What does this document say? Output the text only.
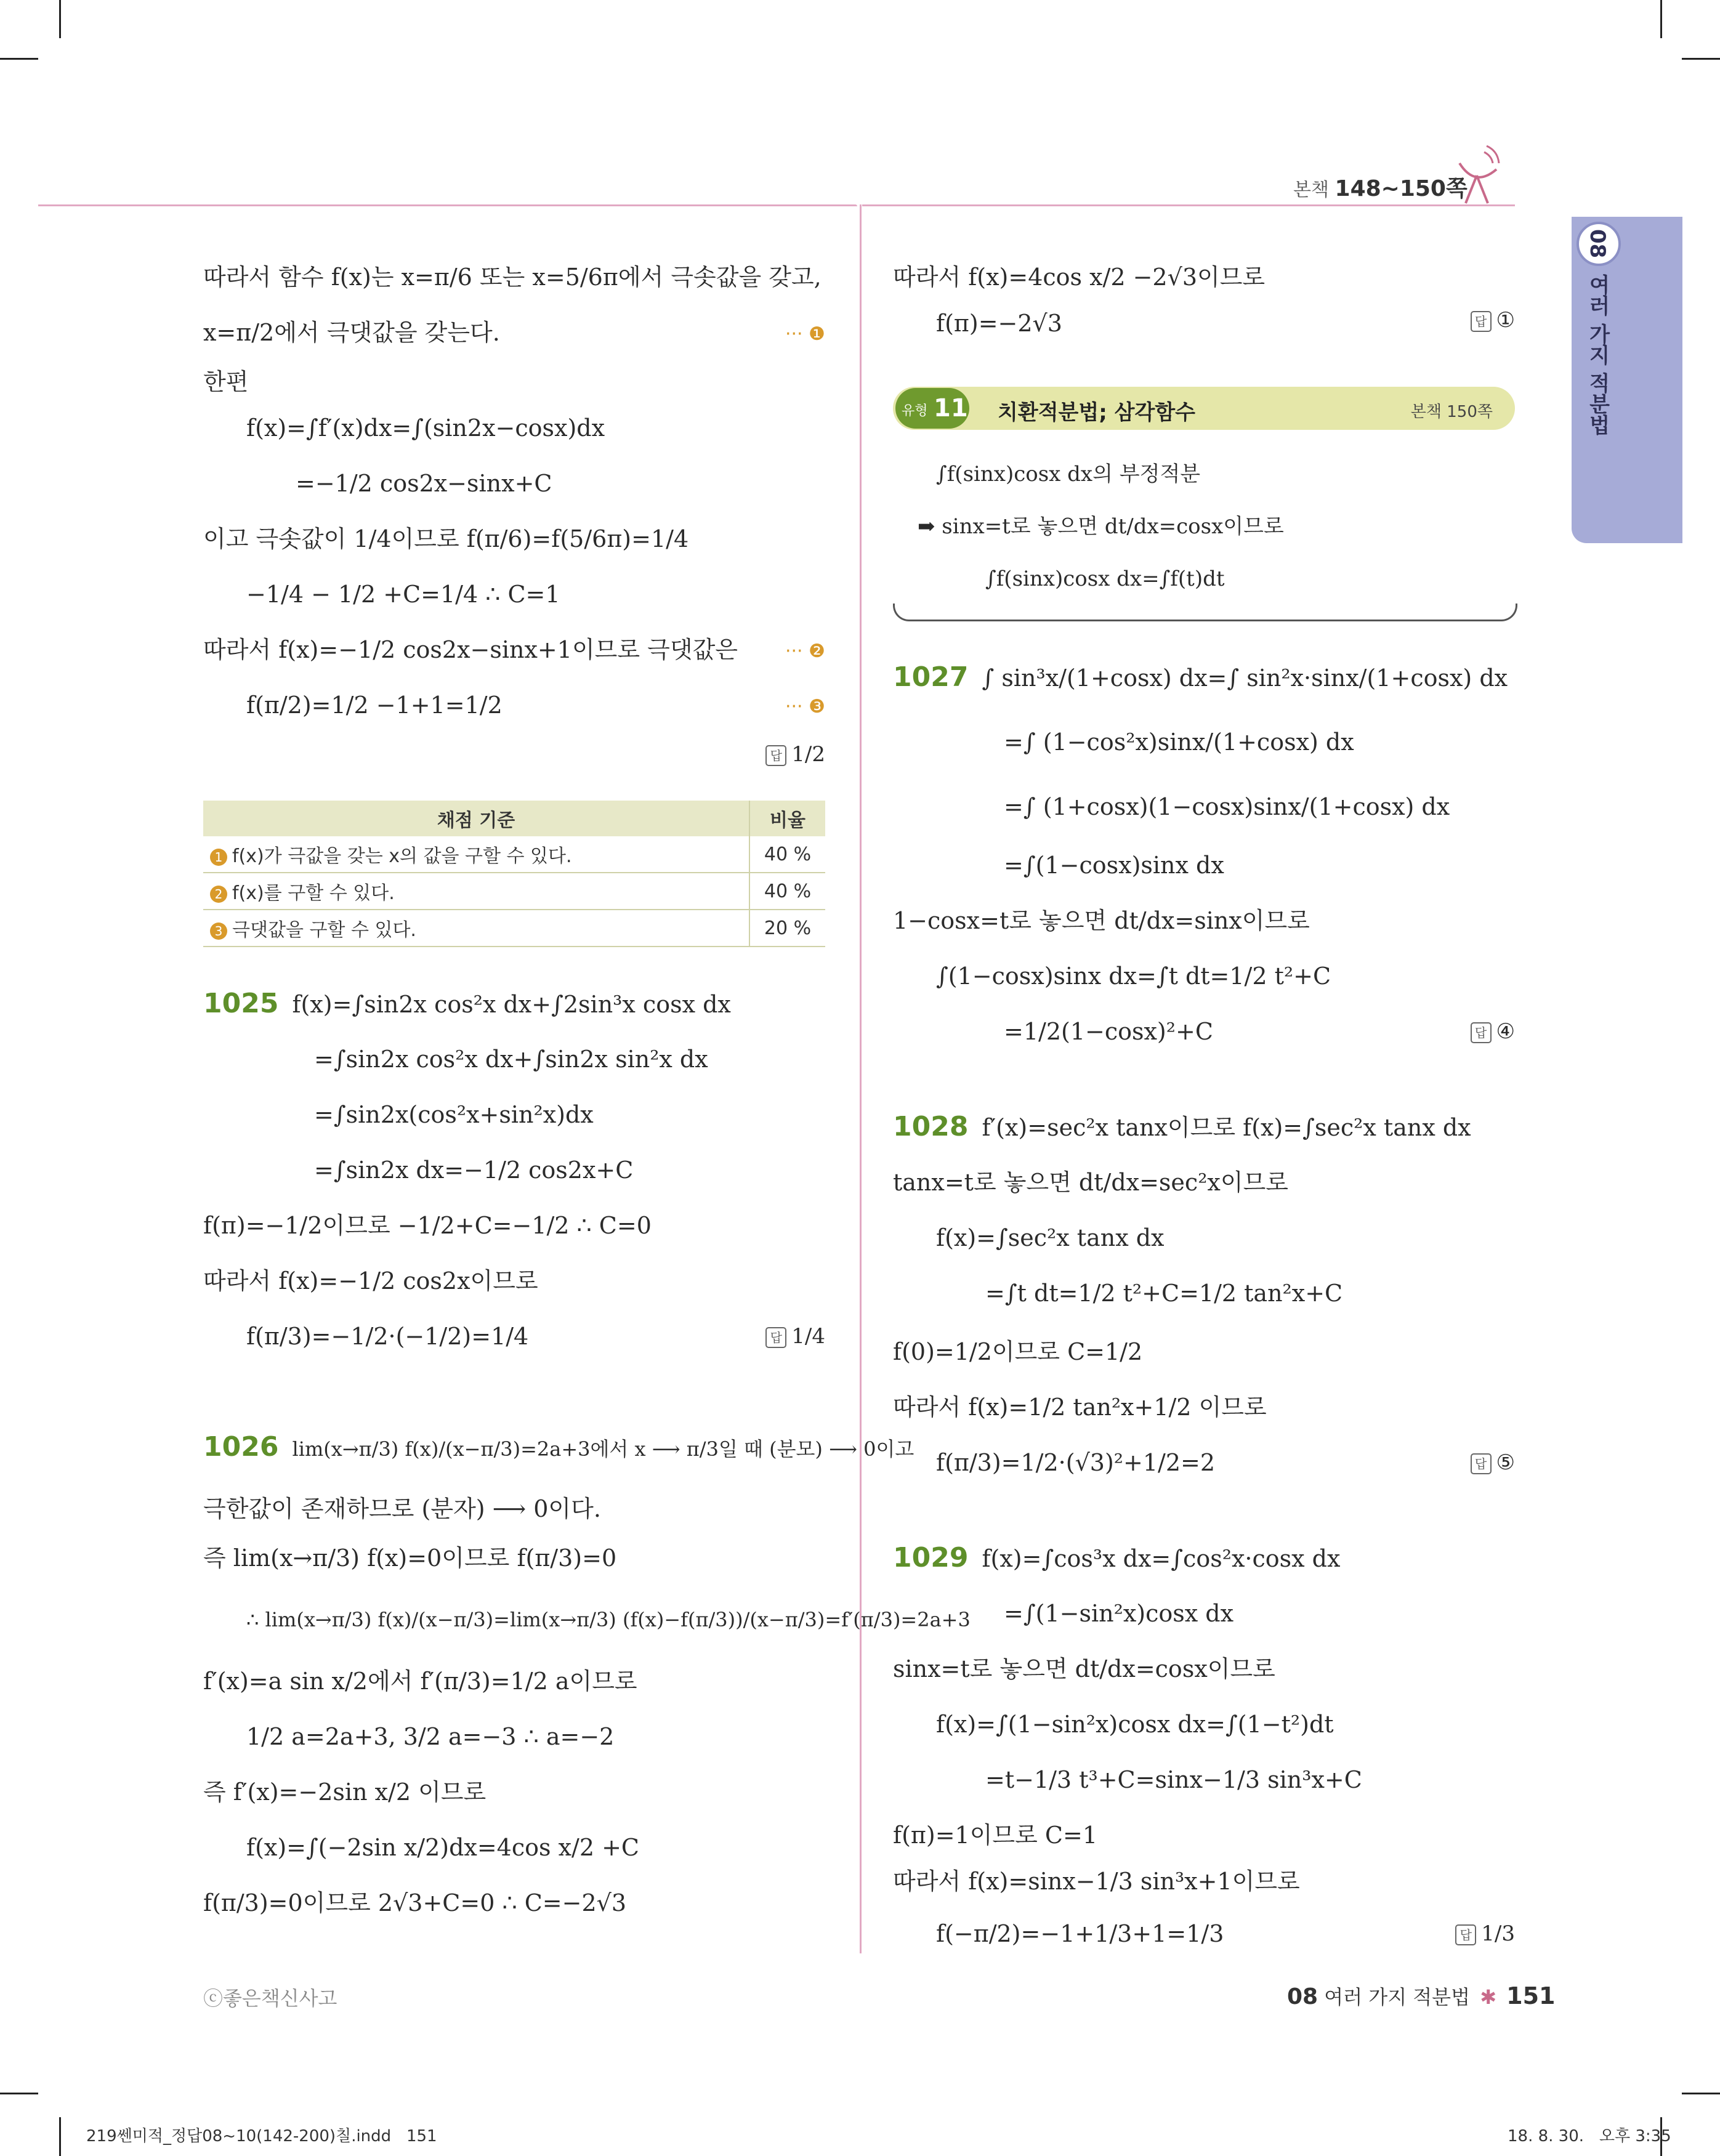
본책 148~150쪽
08 여러 가지 적분법
따라서 함수 f(x)는 x=π/6 또는 x=5/6π에서 극솟값을 갖고,
x=π/2에서 극댓값을 갖는다.	··· ❶
한편
f(x)=∫f′(x)dx=∫(sin2x−cosx)dx
=−1/2 cos2x−sinx+C
이고 극솟값이 1/4이므로 f(π/6)=f(5/6π)=1/4
−1/4 − 1/2 +C=1/4 ∴ C=1
따라서 f(x)=−1/2 cos2x−sinx+1이므로 극댓값은	··· ❷
f(π/2)=1/2 −1+1=1/2	··· ❸
답 1/2
채점 기준	비율
1 f(x)가 극값을 갖는 x의 값을 구할 수 있다.	40 %
2 f(x)를 구할 수 있다.	40 %
3 극댓값을 구할 수 있다.	20 %
1025 f(x)=∫sin2x cos²x dx+∫2sin³x cosx dx
=∫sin2x cos²x dx+∫sin2x sin²x dx
=∫sin2x(cos²x+sin²x)dx
=∫sin2x dx=−1/2 cos2x+C
f(π)=−1/2이므로 −1/2+C=−1/2 ∴ C=0
따라서 f(x)=−1/2 cos2x이므로
f(π/3)=−1/2·(−1/2)=1/4	답 1/4
1026 lim(x→π/3) f(x)/(x−π/3)=2a+3에서 x ⟶ π/3일 때 (분모) ⟶ 0이고
극한값이 존재하므로 (분자) ⟶ 0이다.
즉 lim(x→π/3) f(x)=0이므로 f(π/3)=0
∴ lim(x→π/3) f(x)/(x−π/3)=lim(x→π/3) (f(x)−f(π/3))/(x−π/3)=f′(π/3)=2a+3
f′(x)=a sin x/2에서 f′(π/3)=1/2 a이므로
1/2 a=2a+3, 3/2 a=−3 ∴ a=−2
즉 f′(x)=−2sin x/2 이므로
f(x)=∫(−2sin x/2)dx=4cos x/2 +C
f(π/3)=0이므로 2√3+C=0 ∴ C=−2√3
따라서 f(x)=4cos x/2 −2√3이므로
f(π)=−2√3	답 ①
유형 11 치환적분법; 삼각함수	본책 150쪽
∫f(sinx)cosx dx의 부정적분
➡ sinx=t로 놓으면 dt/dx=cosx이므로
∫f(sinx)cosx dx=∫f(t)dt
1027 ∫ sin³x/(1+cosx) dx=∫ sin²x·sinx/(1+cosx) dx
=∫ (1−cos²x)sinx/(1+cosx) dx
=∫ (1+cosx)(1−cosx)sinx/(1+cosx) dx
=∫(1−cosx)sinx dx
1−cosx=t로 놓으면 dt/dx=sinx이므로
∫(1−cosx)sinx dx=∫t dt=1/2 t²+C
=1/2(1−cosx)²+C	답 ④
1028 f′(x)=sec²x tanx이므로 f(x)=∫sec²x tanx dx
tanx=t로 놓으면 dt/dx=sec²x이므로
f(x)=∫sec²x tanx dx
=∫t dt=1/2 t²+C=1/2 tan²x+C
f(0)=1/2이므로 C=1/2
따라서 f(x)=1/2 tan²x+1/2 이므로
f(π/3)=1/2·(√3)²+1/2=2	답 ⑤
1029 f(x)=∫cos³x dx=∫cos²x·cosx dx
=∫(1−sin²x)cosx dx
sinx=t로 놓으면 dt/dx=cosx이므로
f(x)=∫(1−sin²x)cosx dx=∫(1−t²)dt
=t−1/3 t³+C=sinx−1/3 sin³x+C
f(π)=1이므로 C=1
따라서 f(x)=sinx−1/3 sin³x+1이므로
f(−π/2)=−1+1/3+1=1/3	답 1/3
ⓒ좋은책신사고	08 여러 가지 적분법 ✱ 151
219쎈미적_정답08~10(142-200)칠.indd   151	18. 8. 30.   오후 3:35
